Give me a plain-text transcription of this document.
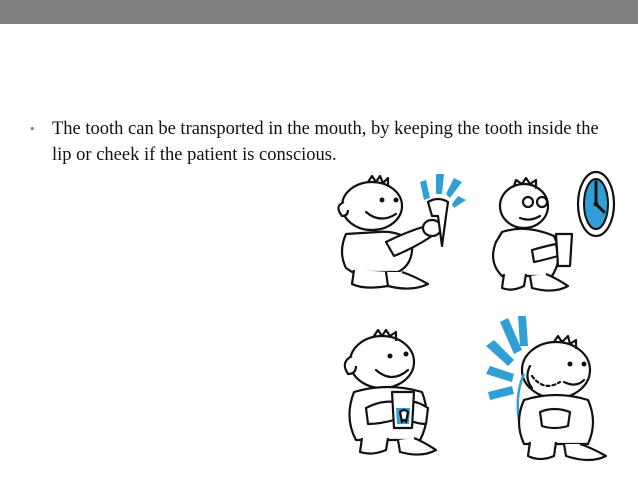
• The tooth can be transported in the mouth, by keeping the tooth inside the lip or cheek if the patient is conscious.
